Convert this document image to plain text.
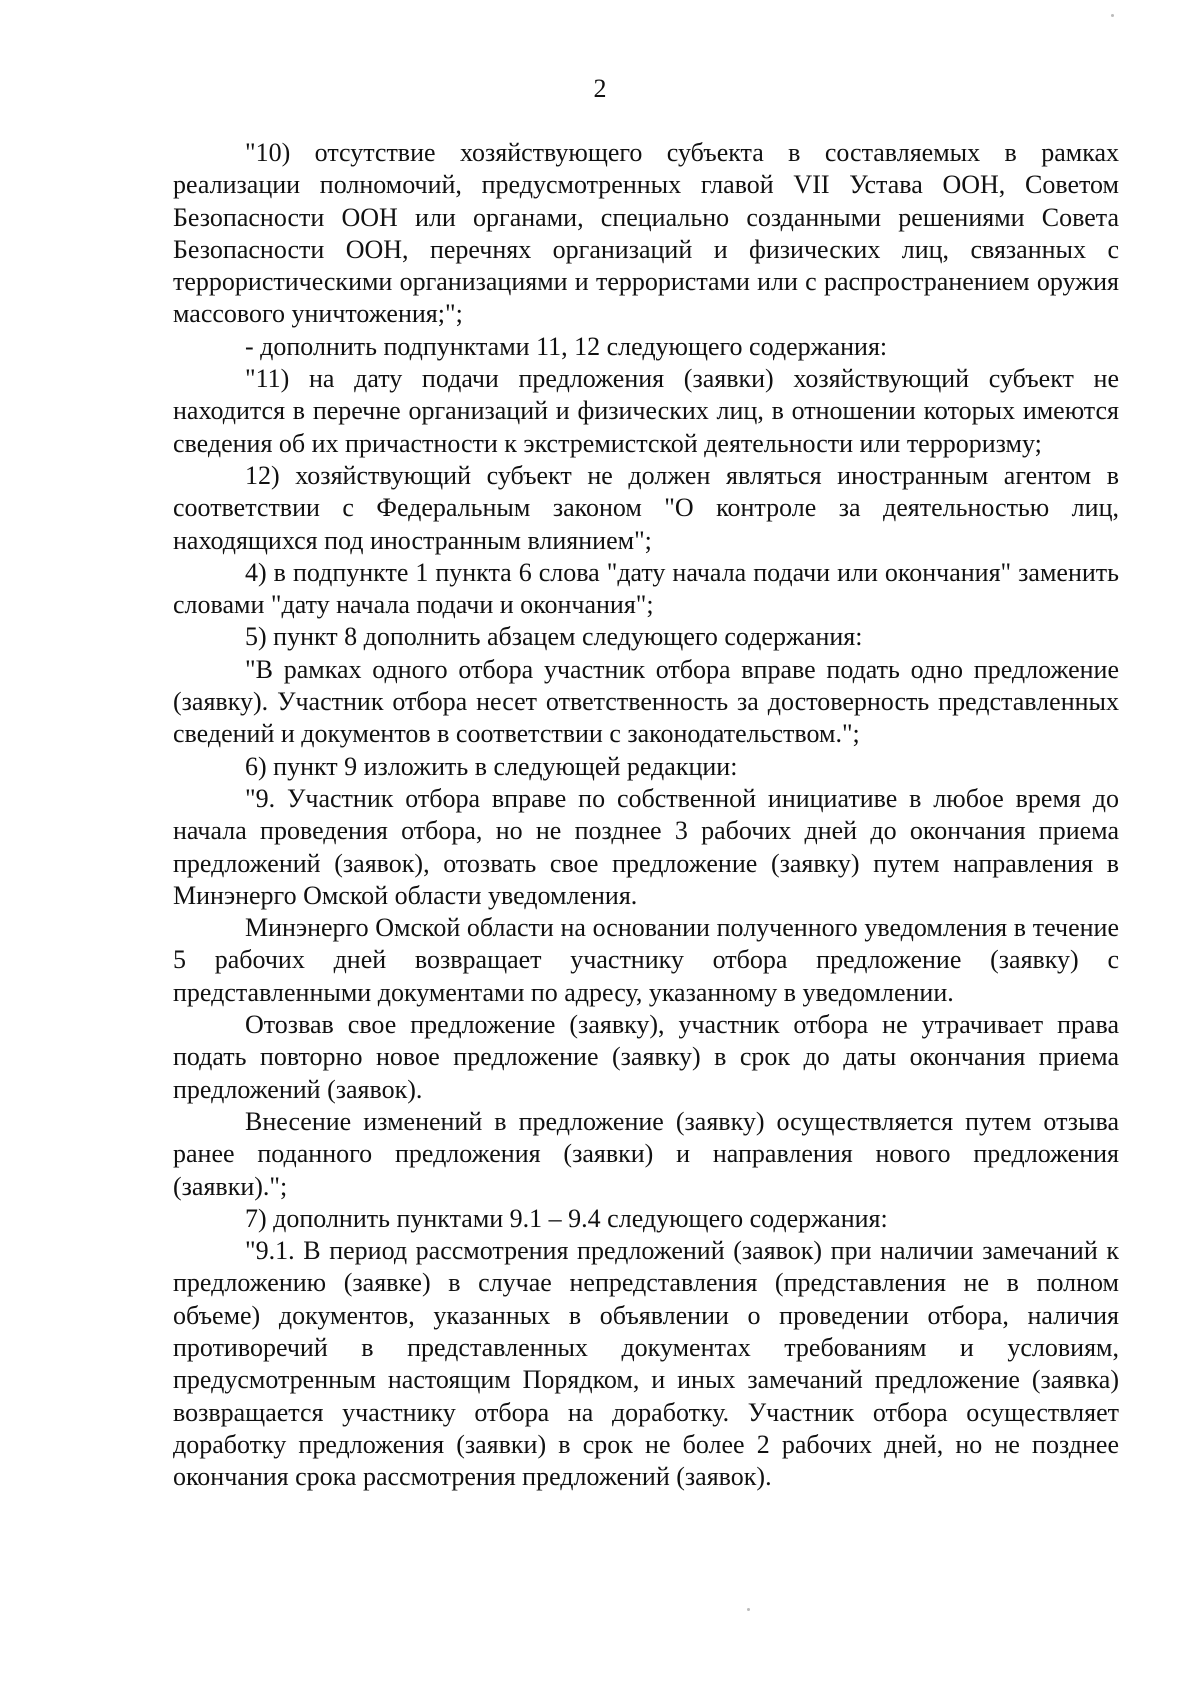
2

"10) отсутствие хозяйствующего субъекта в составляемых в рамках реализации полномочий, предусмотренных главой VII Устава ООН, Советом Безопасности ООН или органами, специально созданными решениями Совета Безопасности ООН, перечнях организаций и физических лиц, связанных с террористическими организациями и террористами или с распространением оружия массового уничтожения;";

- дополнить подпунктами 11, 12 следующего содержания:

"11) на дату подачи предложения (заявки) хозяйствующий субъект не находится в перечне организаций и физических лиц, в отношении которых имеются сведения об их причастности к экстремистской деятельности или терроризму;

12) хозяйствующий субъект не должен являться иностранным агентом в соответствии с Федеральным законом "О контроле за деятельностью лиц, находящихся под иностранным влиянием";

4) в подпункте 1 пункта 6 слова "дату начала подачи или окончания" заменить словами "дату начала подачи и окончания";

5) пункт 8 дополнить абзацем следующего содержания:

"В рамках одного отбора участник отбора вправе подать одно предложение (заявку). Участник отбора несет ответственность за достоверность представленных сведений и документов в соответствии с законодательством.";

6) пункт 9 изложить в следующей редакции:

"9. Участник отбора вправе по собственной инициативе в любое время до начала проведения отбора, но не позднее 3 рабочих дней до окончания приема предложений (заявок), отозвать свое предложение (заявку) путем направления в Минэнерго Омской области уведомления.

Минэнерго Омской области на основании полученного уведомления в течение 5 рабочих дней возвращает участнику отбора предложение (заявку) с представленными документами по адресу, указанному в уведомлении.

Отозвав свое предложение (заявку), участник отбора не утрачивает права подать повторно новое предложение (заявку) в срок до даты окончания приема предложений (заявок).

Внесение изменений в предложение (заявку) осуществляется путем отзыва ранее поданного предложения (заявки) и направления нового предложения (заявки).";

7) дополнить пунктами 9.1 – 9.4 следующего содержания:

"9.1. В период рассмотрения предложений (заявок) при наличии замечаний к предложению (заявке) в случае непредставления (представления не в полном объеме) документов, указанных в объявлении о проведении отбора, наличия противоречий в представленных документах требованиям и условиям, предусмотренным настоящим Порядком, и иных замечаний предложение (заявка) возвращается участнику отбора на доработку. Участник отбора осуществляет доработку предложения (заявки) в срок не более 2 рабочих дней, но не позднее окончания срока рассмотрения предложений (заявок).
